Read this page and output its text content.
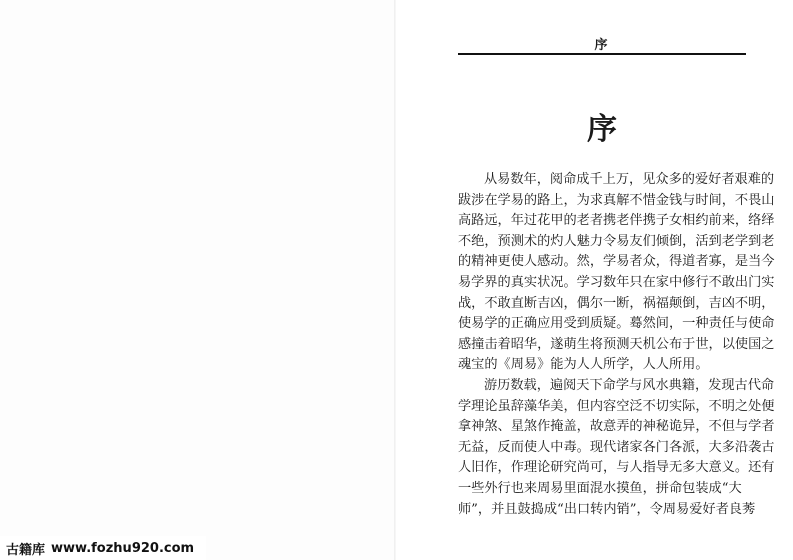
序
序

从易数年，阅命成千上万，见众多的爱好者艰难的
跋涉在学易的路上，为求真解不惜金钱与时间，不畏山
高路远，年过花甲的老者携老伴携子女相约前来，络绎
不绝，预测术的灼人魅力令易友们倾倒，活到老学到老
的精神更使人感动。然，学易者众，得道者寡，是当今
易学界的真实状况。学习数年只在家中修行不敢出门实
战，不敢直断吉凶，偶尔一断，祸福颠倒，吉凶不明，
使易学的正确应用受到质疑。蓦然间，一种责任与使命
感撞击着昭华，遂萌生将预测天机公布于世，以使国之
魂宝的《周易》能为人人所学，人人所用。

游历数载，遍阅天下命学与风水典籍，发现古代命
学理论虽辞藻华美，但内容空泛不切实际，不明之处便
拿神煞、星煞作掩盖，故意弄的神秘诡异，不但与学者
无益，反而使人中毒。现代诸家各门各派，大多沿袭古
人旧作，作理论研究尚可，与人指导无多大意义。还有
一些外行也来周易里面混水摸鱼，拼命包装成“大
师”，并且鼓捣成“出口转内销”，令周易爱好者良莠

古籍库 www.fozhu920.com
